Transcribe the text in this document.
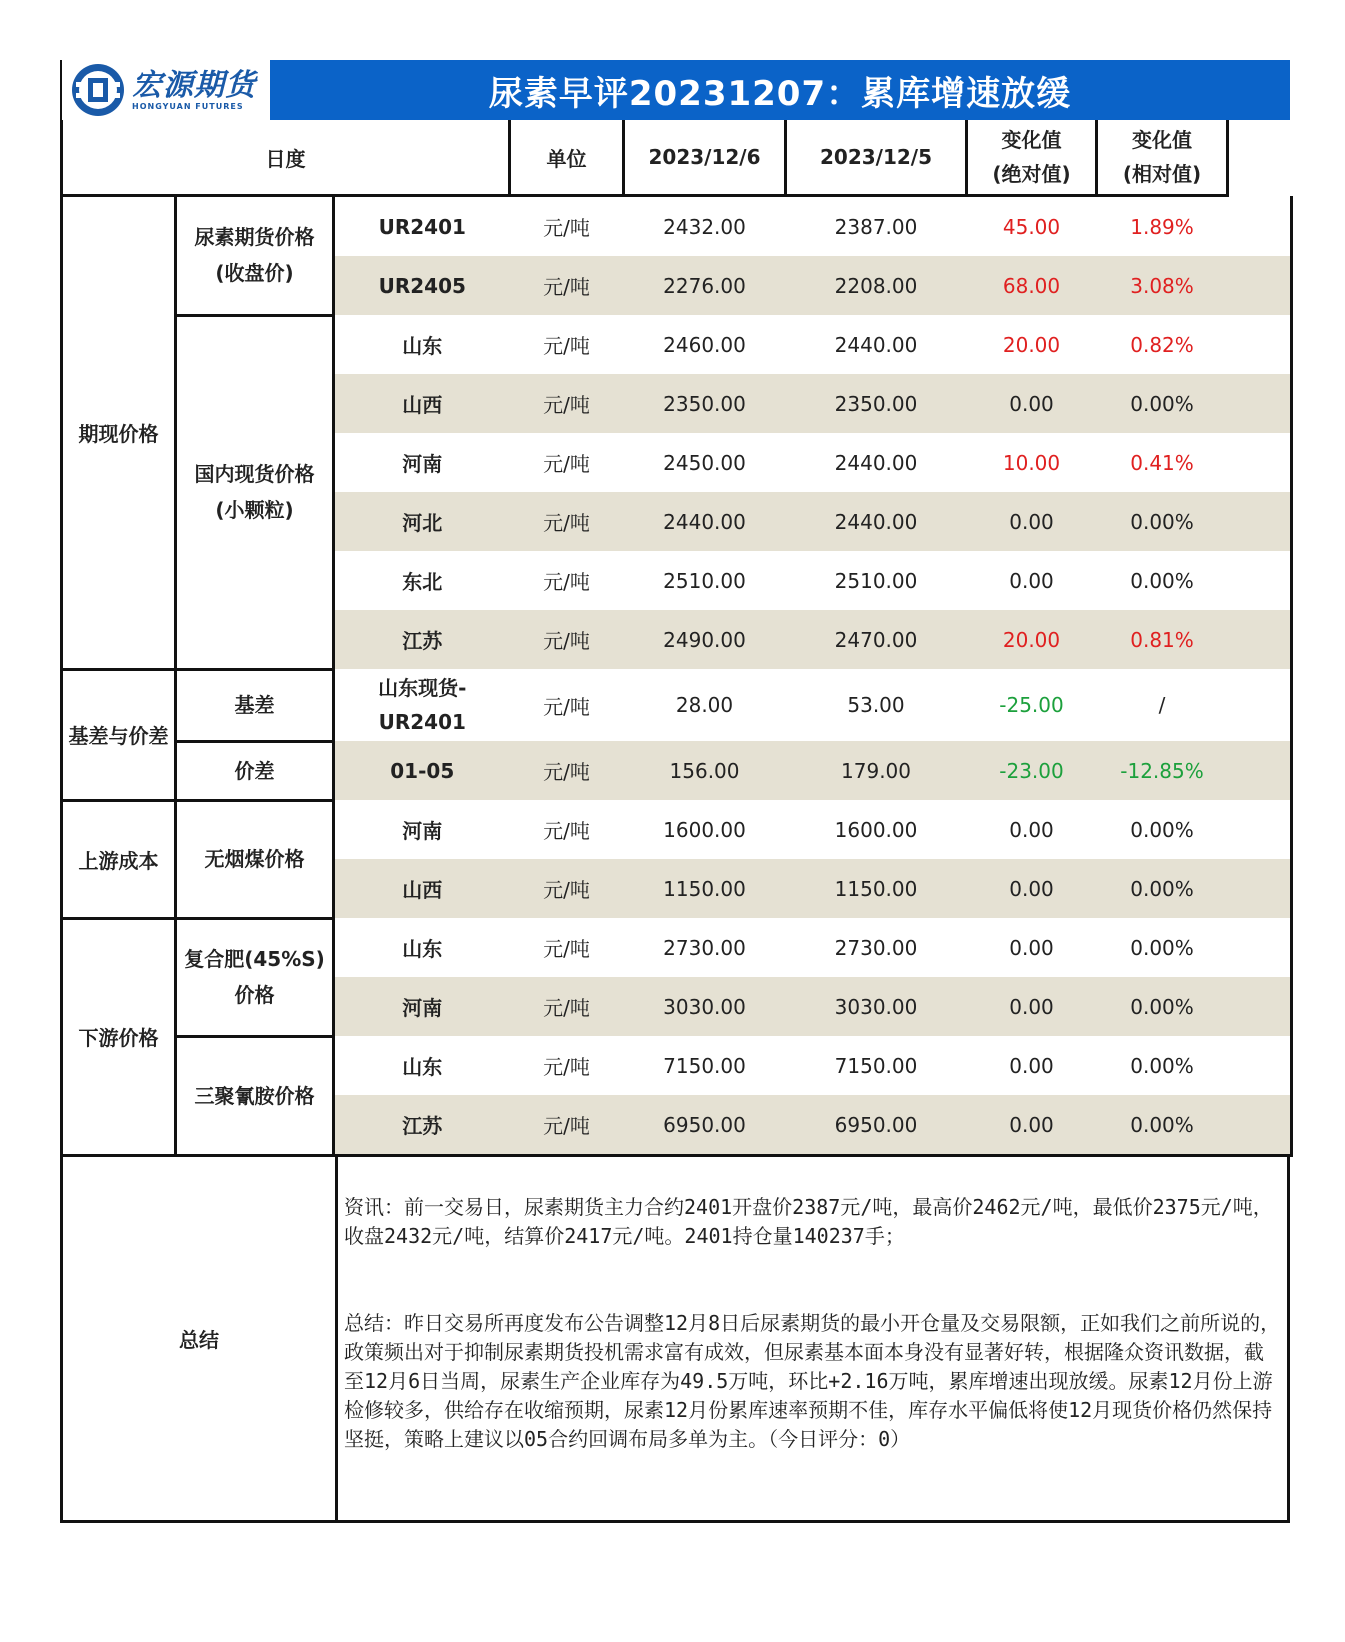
宏源期货
HONGYUAN FUTURES	尿素早评20231207：累库增速放缓
日度			单位	2023/12/6	2023/12/5	变化值
(绝对值)	变化值
(相对值)	
期现价格	尿素期货价格
(收盘价)	UR2401	元/吨	2432.00	2387.00	45.00	1.89%	
		UR2405	元/吨	2276.00	2208.00	68.00	3.08%	
	国内现货价格
(小颗粒)	山东	元/吨	2460.00	2440.00	20.00	0.82%	
		山西	元/吨	2350.00	2350.00	0.00	0.00%	
		河南	元/吨	2450.00	2440.00	10.00	0.41%	
		河北	元/吨	2440.00	2440.00	0.00	0.00%	
		东北	元/吨	2510.00	2510.00	0.00	0.00%	
		江苏	元/吨	2490.00	2470.00	20.00	0.81%	
基差与价差	基差	山东现货-
UR2401	元/吨	28.00	53.00	-25.00	/	
	价差	01-05	元/吨	156.00	179.00	-23.00	-12.85%	
上游成本	无烟煤价格	河南	元/吨	1600.00	1600.00	0.00	0.00%	
		山西	元/吨	1150.00	1150.00	0.00	0.00%	
下游价格	复合肥(45%S)
价格	山东	元/吨	2730.00	2730.00	0.00	0.00%	
		河南	元/吨	3030.00	3030.00	0.00	0.00%	
	三聚氰胺价格	山东	元/吨	7150.00	7150.00	0.00	0.00%	
		江苏	元/吨	6950.00	6950.00	0.00	0.00%	
总结

资讯：前一交易日，尿素期货主力合约2401开盘价2387元/吨，最高价2462元/吨，最低价2375元/吨，收盘2432元/吨，结算价2417元/吨。2401持仓量140237手；

总结：昨日交易所再度发布公告调整12月8日后尿素期货的最小开仓量及交易限额，正如我们之前所说的，政策频出对于抑制尿素期货投机需求富有成效，但尿素基本面本身没有显著好转，根据隆众资讯数据，截至12月6日当周，尿素生产企业库存为49.5万吨，环比+2.16万吨，累库增速出现放缓。尿素12月份上游检修较多，供给存在收缩预期，尿素12月份累库速率预期不佳，库存水平偏低将使12月现货价格仍然保持坚挺，策略上建议以05合约回调布局多单为主。（今日评分：0）
